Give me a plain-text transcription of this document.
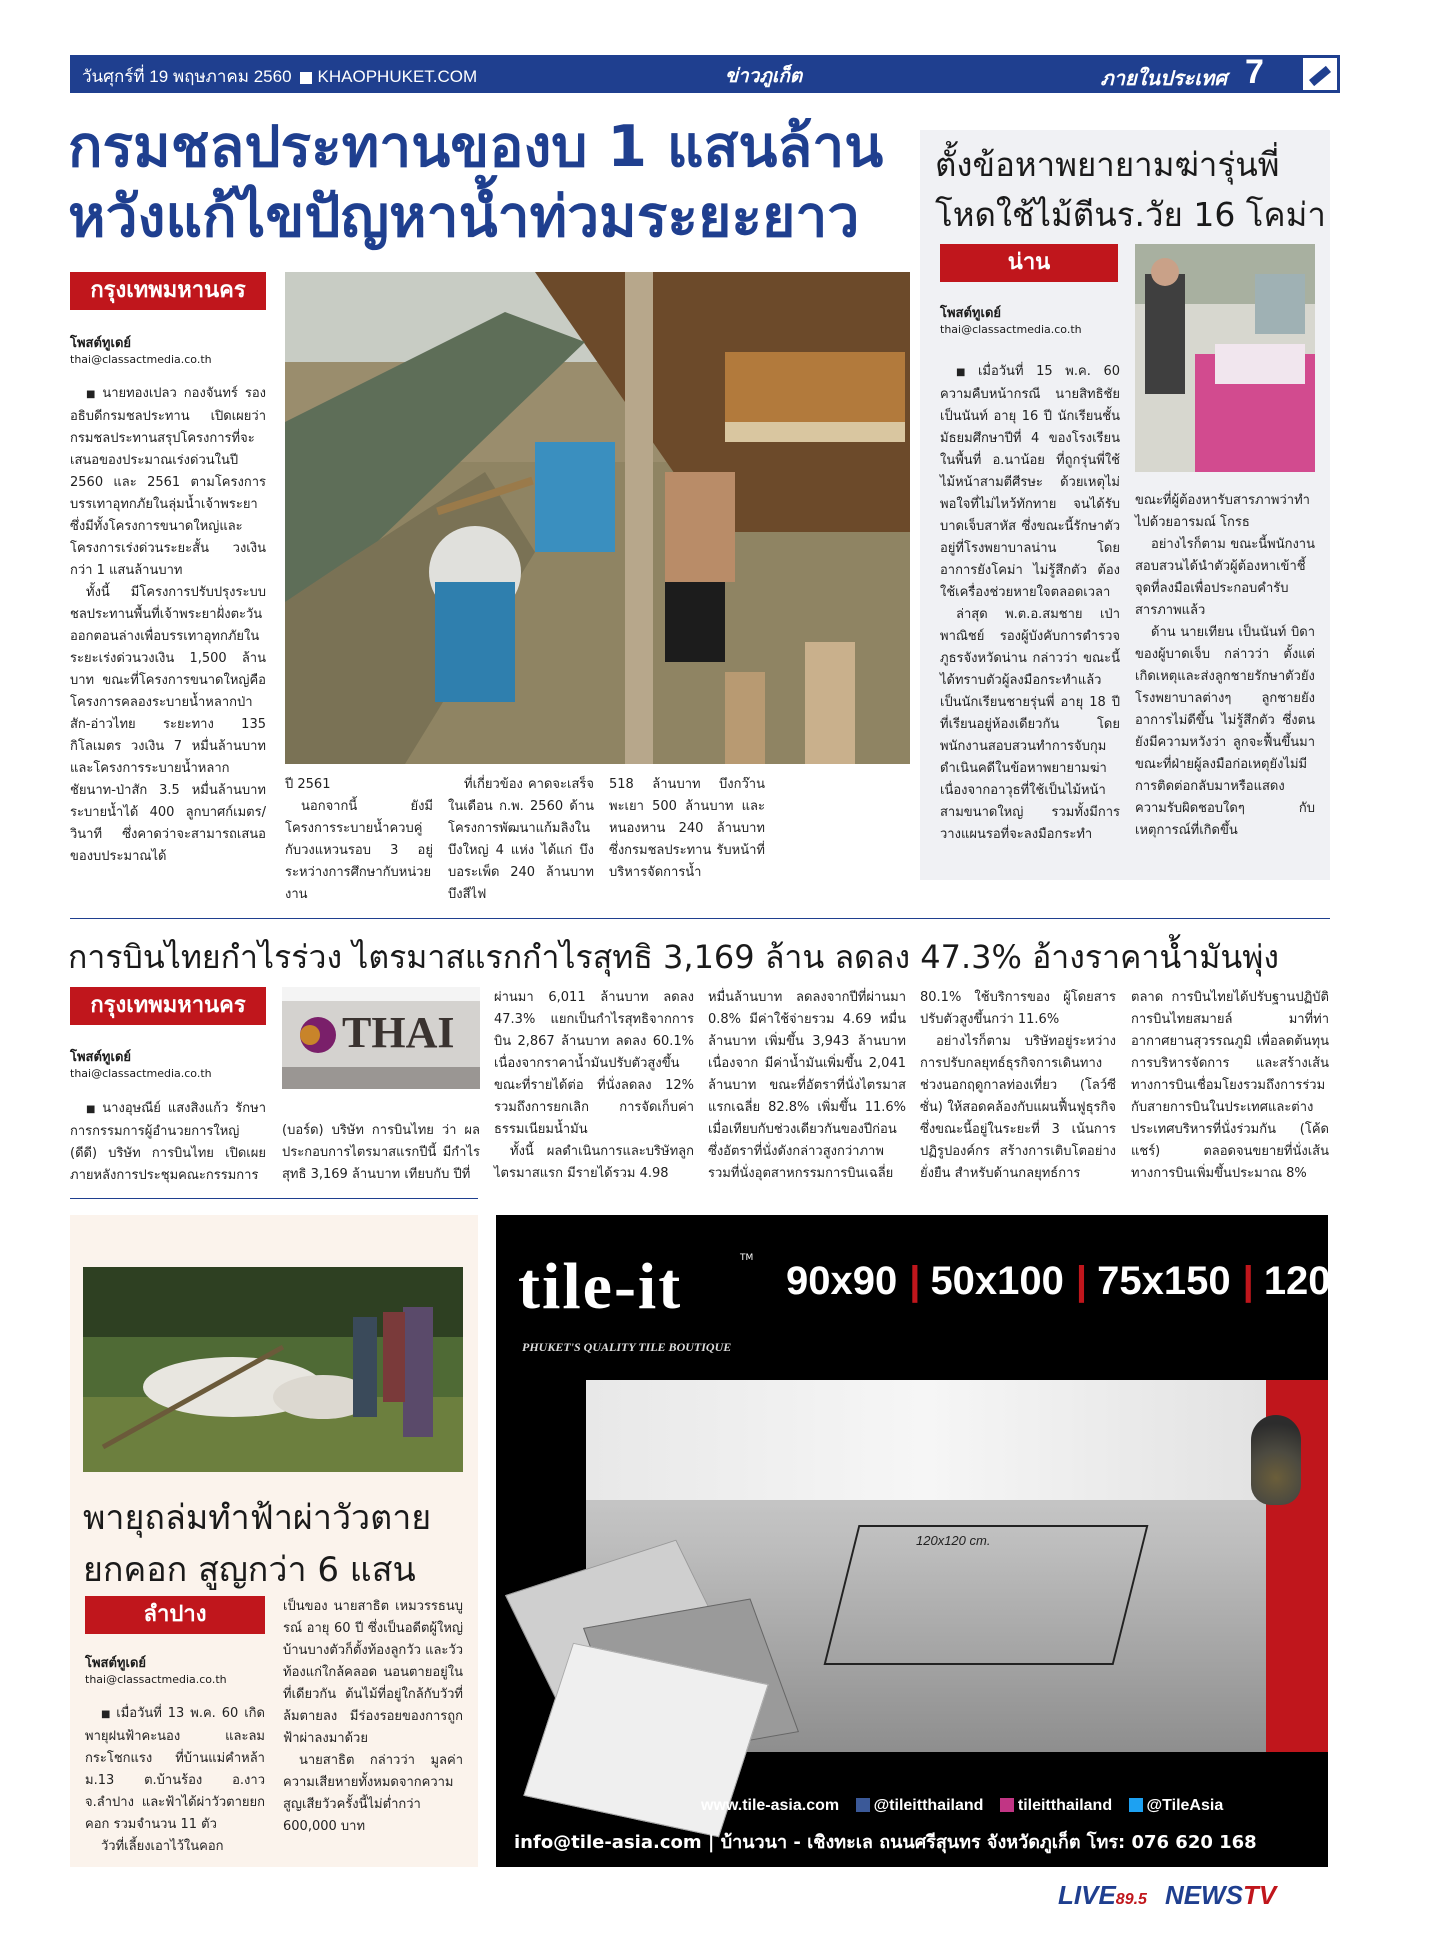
วันศุกร์ที่ 19 พฤษภาคม 2560 KHAOPHUKET.COM	ข่าวภูเก็ต	ภายในประเทศ 7
กรมชลประทานของบ 1 แสนล้าน
หวังแก้ไขปัญหาน้ำท่วมระยะยาว
กรุงเทพมหานคร
โพสต์ทูเดย์
thai@classactmedia.co.th

■ นายทองเปลว กองจันทร์ รองอธิบดีกรมชลประทาน เปิดเผยว่า กรมชลประทานสรุปโครงการที่จะเสนอของประมาณเร่งด่วนในปี 2560 และ 2561 ตามโครงการบรรเทาอุทกภัยในลุ่มน้ำเจ้าพระยา ซึ่งมีทั้งโครงการขนาดใหญ่และโครงการเร่งด่วนระยะสั้น วงเงินกว่า 1 แสนล้านบาท

ทั้งนี้ มีโครงการปรับปรุงระบบชลประทานพื้นที่เจ้าพระยาฝั่งตะวันออกตอนล่างเพื่อบรรเทาอุทกภัยในระยะเร่งด่วนวงเงิน 1,500 ล้านบาท ขณะที่โครงการขนาดใหญ่คือโครงการคลองระบายน้ำหลากป่าสัก-อ่าวไทย ระยะทาง 135 กิโลเมตร วงเงิน 7 หมื่นล้านบาท และโครงการระบายน้ำหลากชัยนาท-ป่าสัก 3.5 หมื่นล้านบาท ระบายน้ำได้ 400 ลูกบาศก์เมตร/วินาที ซึ่งคาดว่าจะสามารถเสนอของบประมาณได้

ปี 2561

นอกจากนี้ ยังมีโครงการระบายน้ำควบคู่กับวงแหวนรอบ 3 อยู่ระหว่างการศึกษากับหน่วยงาน

ที่เกี่ยวข้อง คาดจะเสร็จในเดือน ก.พ. 2560 ด้านโครงการพัฒนาแก้มลิงในบึงใหญ่ 4 แห่ง ได้แก่ บึงบอระเพ็ด 240 ล้านบาท บึงสีไฟ

518 ล้านบาท บึงกว๊านพะเยา 500 ล้านบาท และหนองหาน 240 ล้านบาท ซึ่งกรมชลประทาน รับหน้าที่บริหารจัดการน้ำ
ตั้งข้อหาพยายามฆ่ารุ่นพี่
โหดใช้ไม้ตีนร.วัย 16 โคม่า
น่าน
โพสต์ทูเดย์
thai@classactmedia.co.th

■ เมื่อวันที่ 15 พ.ค. 60 ความคืบหน้ากรณี นายสิทธิชัย เป็นนันท์ อายุ 16 ปี นักเรียนชั้นมัธยมศึกษาปีที่ 4 ของโรงเรียนในพื้นที่ อ.นาน้อย ที่ถูกรุ่นพี่ใช้ไม้หน้าสามตีศีรษะ ด้วยเหตุไม่พอใจที่ไม่ไหว้ทักทาย จนได้รับบาดเจ็บสาหัส ซึ่งขณะนี้รักษาตัวอยู่ที่โรงพยาบาลน่าน โดยอาการยังโคม่า ไม่รู้สึกตัว ต้องใช้เครื่องช่วยหายใจตลอดเวลา

ล่าสุด พ.ต.อ.สมชาย เป่าพาณิชย์ รองผู้บังคับการตำรวจภูธรจังหวัดน่าน กล่าวว่า ขณะนี้ได้ทราบตัวผู้ลงมือกระทำแล้ว เป็นนักเรียนชายรุ่นพี่ อายุ 18 ปี ที่เรียนอยู่ห้องเดียวกัน โดยพนักงานสอบสวนทำการจับกุม ดำเนินคดีในข้อหาพยายามฆ่าเนื่องจากอาวุธที่ใช้เป็นไม้หน้าสามขนาดใหญ่ รวมทั้งมีการวางแผนรอที่จะลงมือกระทำ

ขณะที่ผู้ต้องหารับสารภาพว่าทำไปด้วยอารมณ์ โกรธ

อย่างไรก็ตาม ขณะนี้พนักงานสอบสวนได้นำตัวผู้ต้องหาเข้าชี้จุดที่ลงมือเพื่อประกอบคำรับสารภาพแล้ว

ด้าน นายเทียน เป็นนันท์ บิดาของผู้บาดเจ็บ กล่าวว่า ตั้งแต่เกิดเหตุและส่งลูกชายรักษาตัวยังโรงพยาบาลต่างๆ ลูกชายยังอาการไม่ดีขึ้น ไม่รู้สึกตัว ซึ่งตนยังมีความหวังว่า ลูกจะฟื้นขึ้นมา ขณะที่ฝ่ายผู้ลงมือก่อเหตุยังไม่มีการติดต่อกลับมาหรือแสดงความรับผิดชอบใดๆ กับเหตุการณ์ที่เกิดขึ้น

การบินไทยกำไรร่วง ไตรมาสแรกกำไรสุทธิ 3,169 ล้าน ลดลง 47.3% อ้างราคาน้ำมันพุ่ง
กรุงเทพมหานคร
โพสต์ทูเดย์
thai@classactmedia.co.th

■ นางอุษณีย์ แสงสิงแก้ว รักษาการกรรมการผู้อำนวยการใหญ่ (ดีดี) บริษัท การบินไทย เปิดเผยภายหลังการประชุมคณะกรรมการ

THAI
(บอร์ด) บริษัท การบินไทย ว่า ผลประกอบการไตรมาสแรกปีนี้ มีกำไรสุทธิ 3,169 ล้านบาท เทียบกับ ปีที่
ผ่านมา 6,011 ล้านบาท ลดลง 47.3% แยกเป็นกำไรสุทธิจากการบิน 2,867 ล้านบาท ลดลง 60.1% เนื่องจากราคาน้ำมันปรับตัวสูงขึ้น ขณะที่รายได้ต่อ ที่นั่งลดลง 12% รวมถึงการยกเลิก การจัดเก็บค่าธรรมเนียมน้ำมัน

ทั้งนี้ ผลดำเนินการและบริษัทลูกไตรมาสแรก มีรายได้รวม 4.98

หมื่นล้านบาท ลดลงจากปีที่ผ่านมา 0.8% มีค่าใช้จ่ายรวม 4.69 หมื่นล้านบาท เพิ่มขึ้น 3,943 ล้านบาท เนื่องจาก มีค่าน้ำมันเพิ่มขึ้น 2,041 ล้านบาท ขณะที่อัตราที่นั่งไตรมาสแรกเฉลี่ย 82.8% เพิ่มขึ้น 11.6% เมื่อเทียบกับช่วงเดียวกันของปีก่อน ซึ่งอัตราที่นั่งดังกล่าวสูงกว่าภาพรวมที่นั่งอุตสาหกรรมการบินเฉลี่ย
80.1% ใช้บริการของ ผู้โดยสารปรับตัวสูงขึ้นกว่า 11.6%

อย่างไรก็ตาม บริษัทอยู่ระหว่างการปรับกลยุทธ์ธุรกิจการเดินทางช่วงนอกฤดูกาลท่องเที่ยว (โลว์ซีซั่น) ให้สอดคล้องกับแผนฟื้นฟูธุรกิจ ซึ่งขณะนี้อยู่ในระยะที่ 3 เน้นการปฏิรูปองค์กร สร้างการเติบโตอย่างยั่งยืน สำหรับด้านกลยุทธ์การ

ตลาด การบินไทยได้ปรับฐานปฏิบัติการบินไทยสมายล์ มาที่ท่าอากาศยานสุวรรณภูมิ เพื่อลดต้นทุนการบริหารจัดการ และสร้างเส้นทางการบินเชื่อมโยงรวมถึงการร่วมกับสายการบินในประเทศและต่างประเทศบริหารที่นั่งร่วมกัน (โค้ดแชร์) ตลอดจนขยายที่นั่งเส้นทางการบินเพิ่มขึ้นประมาณ 8%
พายุถล่มทำฟ้าผ่าวัวตาย
ยกคอก สูญกว่า 6 แสน
ลำปาง
โพสต์ทูเดย์
thai@classactmedia.co.th

■ เมื่อวันที่ 13 พ.ค. 60 เกิดพายุฝนฟ้าคะนอง และลมกระโชกแรง ที่บ้านแม่คำหล้า ม.13 ต.บ้านร้อง อ.งาว จ.ลำปาง และฟ้าได้ผ่าวัวตายยกคอก รวมจำนวน 11 ตัว

วัวที่เลี้ยงเอาไว้ในคอก

เป็นของ นายสาธิต เหมวรรธนบูรณ์ อายุ 60 ปี ซึ่งเป็นอดีตผู้ใหญ่บ้านบางตัวก็ตั้งท้องลูกวัว และวัวท้องแก่ใกล้คลอด นอนตายอยู่ในที่เดียวกัน ต้นไม้ที่อยู่ใกล้กับวัวที่ล้มตายลง มีร่องรอยของการถูกฟ้าผ่าลงมาด้วย

นายสาธิต กล่าวว่า มูลค่าความเสียหายทั้งหมดจากความสูญเสียวัวครั้งนี้ไม่ต่ำกว่า 600,000 บาท

tile-it	TM
PHUKET'S QUALITY TILE BOUTIQUE
90x90 | 50x100 | 75x150 | 120x120
120x120 cm.
www.tile-asia.com @tileitthailand tileitthailand @TileAsia
info@tile-asia.com | บ้านวนา - เชิงทะเล ถนนศรีสุนทร จังหวัดภูเก็ต โทร: 076 620 168
LIVE89.5 NEWSTV
